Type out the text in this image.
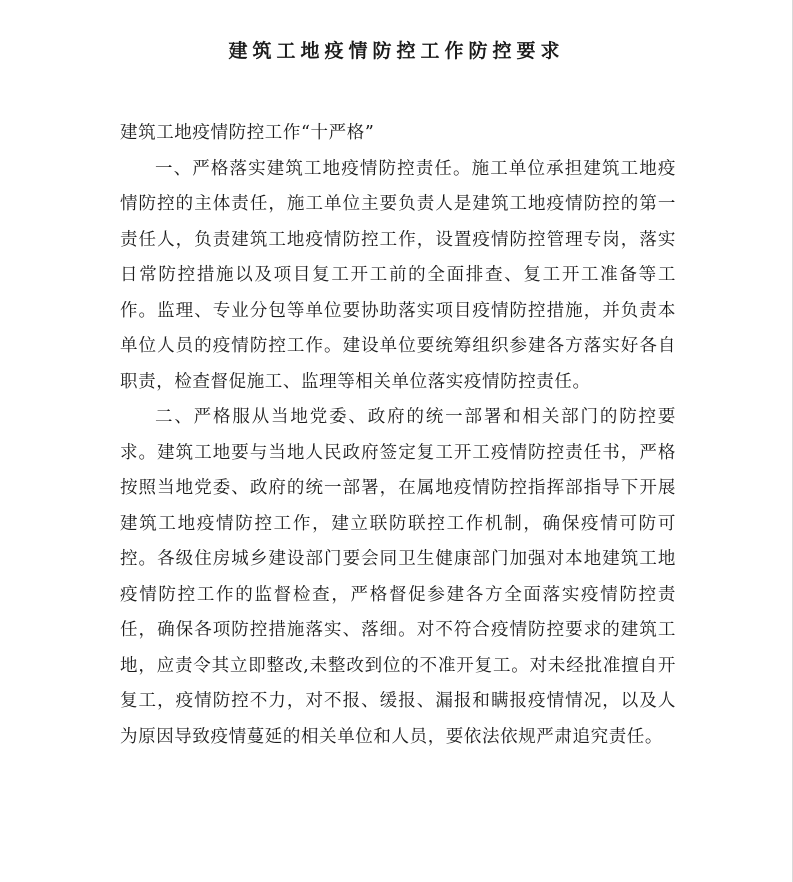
建筑工地疫情防控工作防控要求

建筑工地疫情防控工作“十严格”

一、严格落实建筑工地疫情防控责任。施工单位承担建筑工地疫情防控的主体责任，施工单位主要负责人是建筑工地疫情防控的第一责任人，负责建筑工地疫情防控工作，设置疫情防控管理专岗，落实日常防控措施以及项目复工开工前的全面排查、复工开工准备等工作。监理、专业分包等单位要协助落实项目疫情防控措施，并负责本单位人员的疫情防控工作。建设单位要统筹组织参建各方落实好各自职责，检查督促施工、监理等相关单位落实疫情防控责任。

二、严格服从当地党委、政府的统一部署和相关部门的防控要求。建筑工地要与当地人民政府签定复工开工疫情防控责任书，严格按照当地党委、政府的统一部署，在属地疫情防控指挥部指导下开展建筑工地疫情防控工作，建立联防联控工作机制，确保疫情可防可控。各级住房城乡建设部门要会同卫生健康部门加强对本地建筑工地疫情防控工作的监督检查，严格督促参建各方全面落实疫情防控责任，确保各项防控措施落实、落细。对不符合疫情防控要求的建筑工地，应责令其立即整改,未整改到位的不准开复工。对未经批准擅自开复工，疫情防控不力，对不报、缓报、漏报和瞒报疫情情况，以及人为原因导致疫情蔓延的相关单位和人员，要依法依规严肃追究责任。
